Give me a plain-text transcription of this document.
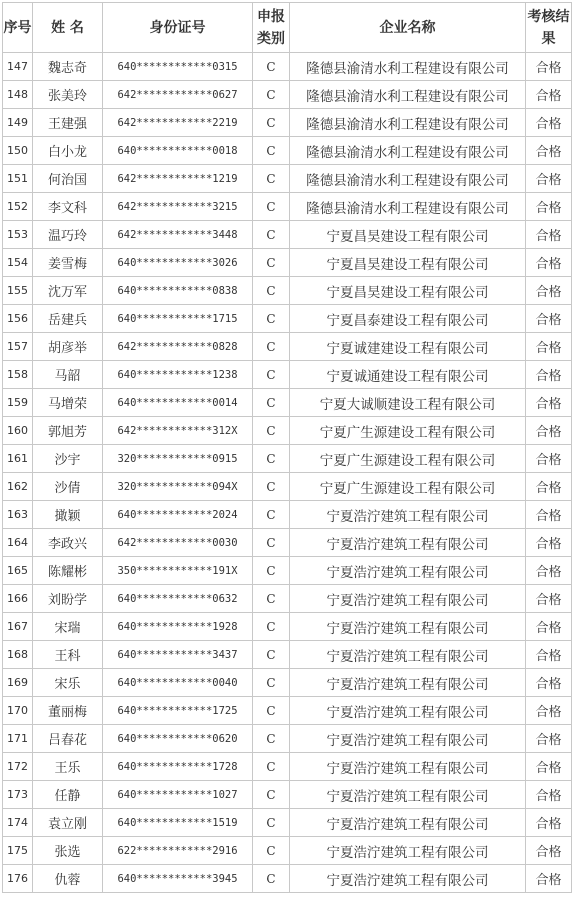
序号	姓 名	身份证号	申报类别	企业名称	考核结果
147	魏志奇	640************0315	C	隆德县渝清水利工程建设有限公司	合格
148	张美玲	642************0627	C	隆德县渝清水利工程建设有限公司	合格
149	王建强	642************2219	C	隆德县渝清水利工程建设有限公司	合格
150	白小龙	640************0018	C	隆德县渝清水利工程建设有限公司	合格
151	何治国	642************1219	C	隆德县渝清水利工程建设有限公司	合格
152	李文科	642************3215	C	隆德县渝清水利工程建设有限公司	合格
153	温巧玲	642************3448	C	宁夏昌昊建设工程有限公司	合格
154	姜雪梅	640************3026	C	宁夏昌昊建设工程有限公司	合格
155	沈万军	640************0838	C	宁夏昌昊建设工程有限公司	合格
156	岳建兵	640************1715	C	宁夏昌泰建设工程有限公司	合格
157	胡彦举	642************0828	C	宁夏诚建建设工程有限公司	合格
158	马韶	640************1238	C	宁夏诚通建设工程有限公司	合格
159	马增荣	640************0014	C	宁夏大诚顺建设工程有限公司	合格
160	郭旭芳	642************312X	C	宁夏广生源建设工程有限公司	合格
161	沙宇	320************0915	C	宁夏广生源建设工程有限公司	合格
162	沙倩	320************094X	C	宁夏广生源建设工程有限公司	合格
163	撖颖	640************2024	C	宁夏浩泞建筑工程有限公司	合格
164	李政兴	642************0030	C	宁夏浩泞建筑工程有限公司	合格
165	陈耀彬	350************191X	C	宁夏浩泞建筑工程有限公司	合格
166	刘盼学	640************0632	C	宁夏浩泞建筑工程有限公司	合格
167	宋瑞	640************1928	C	宁夏浩泞建筑工程有限公司	合格
168	王科	640************3437	C	宁夏浩泞建筑工程有限公司	合格
169	宋乐	640************0040	C	宁夏浩泞建筑工程有限公司	合格
170	董丽梅	640************1725	C	宁夏浩泞建筑工程有限公司	合格
171	吕春花	640************0620	C	宁夏浩泞建筑工程有限公司	合格
172	王乐	640************1728	C	宁夏浩泞建筑工程有限公司	合格
173	任静	640************1027	C	宁夏浩泞建筑工程有限公司	合格
174	袁立刚	640************1519	C	宁夏浩泞建筑工程有限公司	合格
175	张选	622************2916	C	宁夏浩泞建筑工程有限公司	合格
176	仇蓉	640************3945	C	宁夏浩泞建筑工程有限公司	合格
